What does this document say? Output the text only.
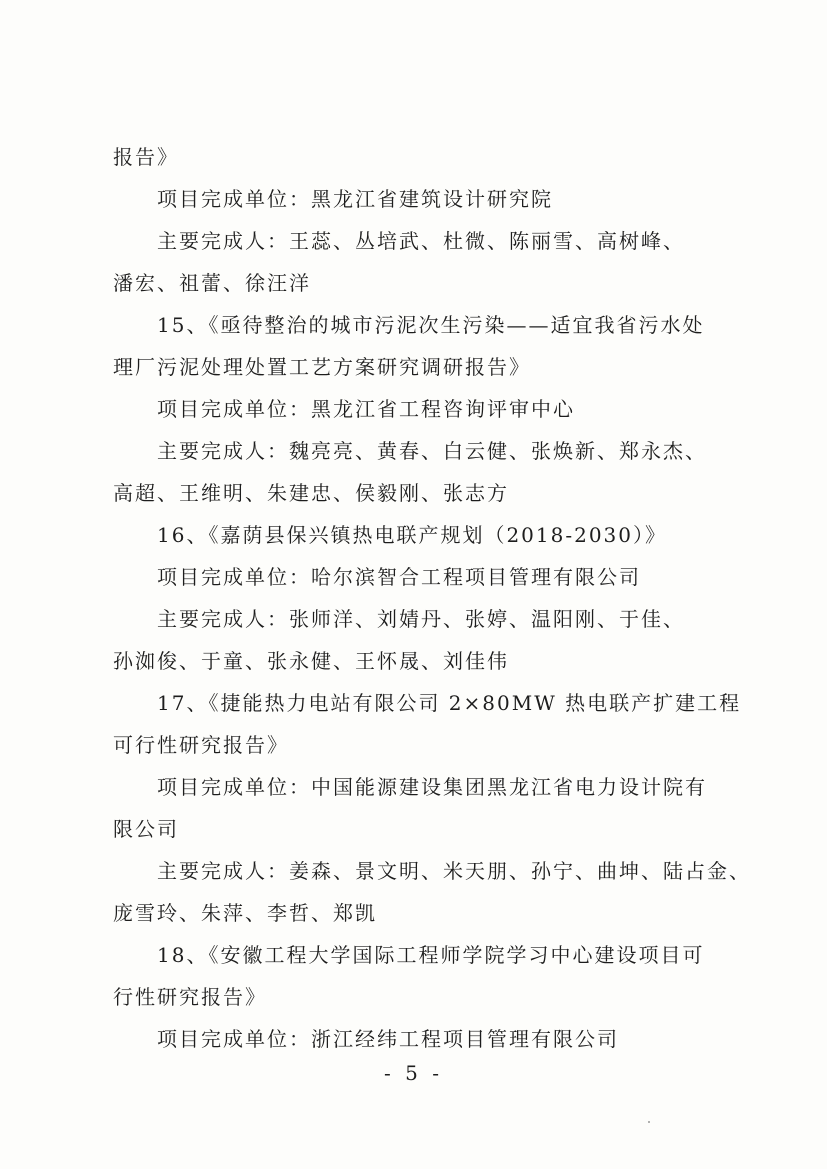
报告》
项目完成单位：黑龙江省建筑设计研究院
主要完成人：王蕊、丛培武、杜微、陈丽雪、高树峰、
潘宏、祖蕾、徐汪洋
15、《亟待整治的城市污泥次生污染——适宜我省污水处
理厂污泥处理处置工艺方案研究调研报告》
项目完成单位：黑龙江省工程咨询评审中心
主要完成人：魏亮亮、黄春、白云健、张焕新、郑永杰、
高超、王维明、朱建忠、侯毅刚、张志方
16、《嘉荫县保兴镇热电联产规划（2018-2030）》
项目完成单位：哈尔滨智合工程项目管理有限公司
主要完成人：张师洋、刘婧丹、张婷、温阳刚、于佳、
孙洳俊、于童、张永健、王怀晟、刘佳伟
17、《捷能热力电站有限公司 2×80MW 热电联产扩建工程
可行性研究报告》
项目完成单位：中国能源建设集团黑龙江省电力设计院有
限公司
主要完成人：姜森、景文明、米天朋、孙宁、曲坤、陆占金、
庞雪玲、朱萍、李哲、郑凯
18、《安徽工程大学国际工程师学院学习中心建设项目可
行性研究报告》
项目完成单位：浙江经纬工程项目管理有限公司
- 5 -
